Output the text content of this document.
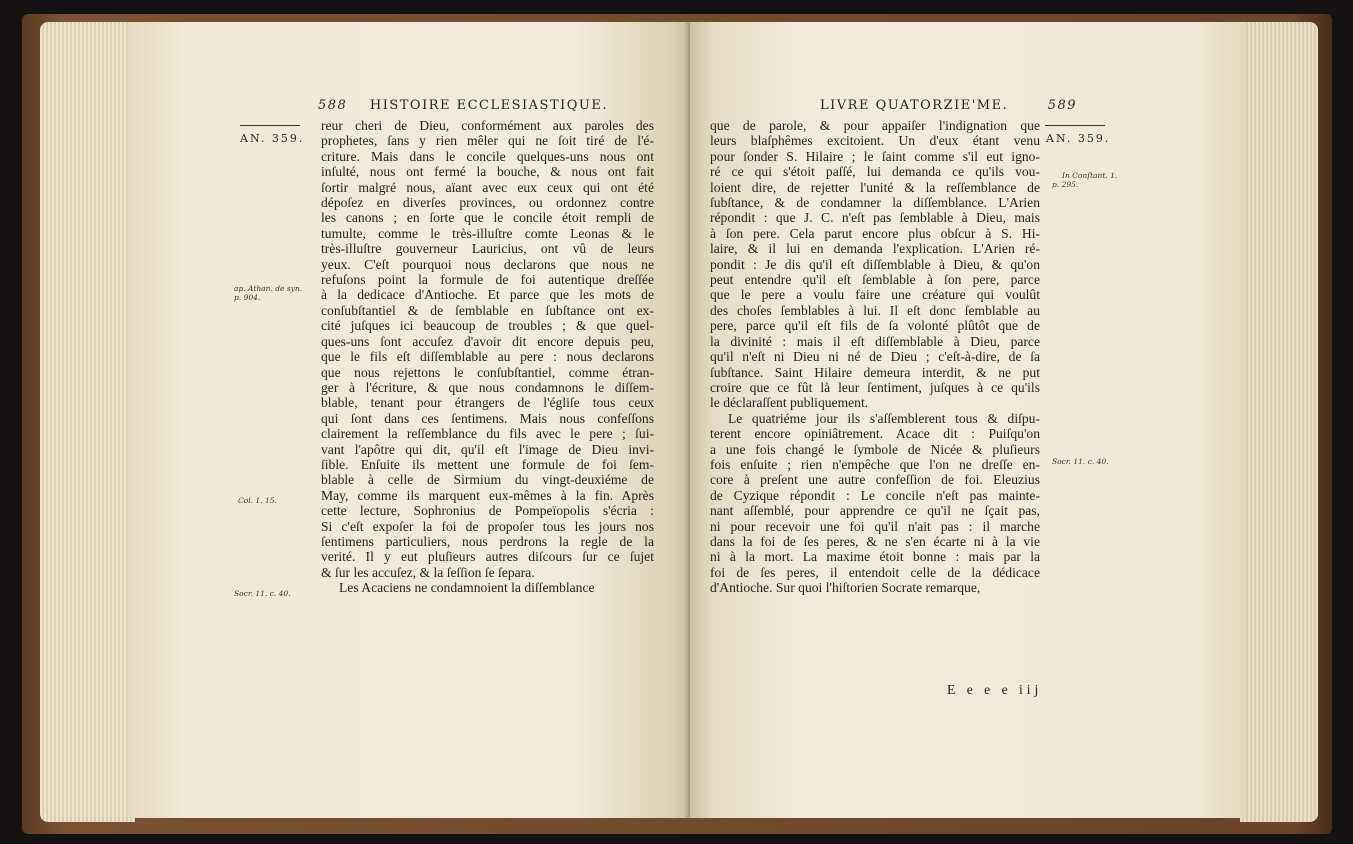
588 HISTOIRE ECCLESIASTIQUE.
AN. 359.
ap. Athan. de syn.
p. 904.
Col. 1. 15.
Socr. 11. c. 40.
reur cheri de Dieu, conformément aux paroles des
prophetes, ſans y rien mêler qui ne ſoit tiré de l'é-
criture. Mais dans le concile quelques-uns nous ont
inſulté, nous ont fermé la bouche, & nous ont fait
ſortir malgré nous, aïant avec eux ceux qui ont été
dépoſez en diverſes provinces, ou ordonnez contre
les canons ; en ſorte que le concile étoit rempli de
tumulte, comme le très-illuſtre comte Leonas & le
très-illuſtre gouverneur Lauricius, ont vû de leurs
yeux. C'eſt pourquoi nous declarons que nous ne
refuſons point la formule de foi autentique dreſſée
à la dedicace d'Antioche. Et parce que les mots de
conſubſtantiel & de ſemblable en ſubſtance ont ex-
cité juſques ici beaucoup de troubles ; & que quel-
ques-uns ſont accuſez d'avoir dit encore depuis peu,
que le fils eſt diſſemblable au pere : nous declarons
que nous rejettons le conſubſtantiel, comme étran-
ger à l'écriture, & que nous condamnons le diſſem-
blable, tenant pour étrangers de l'égliſe tous ceux
qui ſont dans ces ſentimens. Mais nous confeſſons
clairement la reſſemblance du fils avec le pere ; ſui-
vant l'apôtre qui dit, qu'il eſt l'image de Dieu invi-
ſible. Enſuite ils mettent une formule de foi ſem-
blable à celle de Sirmium du vingt-deuxiéme de
May, comme ils marquent eux-mêmes à la fin. Après
cette lecture, Sophronius de Pompeïopolis s'écria :
Si c'eſt expoſer la foi de propoſer tous les jours nos
ſentimens particuliers, nous perdrons la regle de la
verité. Il y eut pluſieurs autres diſcours ſur ce ſujet
& ſur les accuſez, & la ſeſſion ſe ſepara.
Les Acaciens ne condamnoient la diſſemblance
LIVRE QUATORZIE'ME.	589
AN. 359.
In Conſtant. 1.
p. 295.
Socr. 11. c. 40.
que de parole, & pour appaiſer l'indignation que
leurs blaſphêmes excitoient. Un d'eux étant venu
pour ſonder S. Hilaire ; le ſaint comme s'il eut igno-
ré ce qui s'étoit paſſé, lui demanda ce qu'ils vou-
loient dire, de rejetter l'unité & la reſſemblance de
ſubſtance, & de condamner la diſſemblance. L'Arien
répondit : que J. C. n'eſt pas ſemblable à Dieu, mais
à ſon pere. Cela parut encore plus obſcur à S. Hi-
laire, & il lui en demanda l'explication. L'Arien ré-
pondit : Je dis qu'il eſt diſſemblable à Dieu, & qu'on
peut entendre qu'il eſt ſemblable à ſon pere, parce
que le pere a voulu faire une créature qui voulût
des choſes ſemblables à lui. Il eſt donc ſemblable au
pere, parce qu'il eſt fils de ſa volonté plûtôt que de
la divinité : mais il eſt diſſemblable à Dieu, parce
qu'il n'eſt ni Dieu ni né de Dieu ; c'eſt-à-dire, de ſa
ſubſtance. Saint Hilaire demeura interdit, & ne put
croire que ce fût là leur ſentiment, juſques à ce qu'ils
le déclaraſſent publiquement.
Le quatriéme jour ils s'aſſemblerent tous & diſpu-
terent encore opiniâtrement. Acace dit : Puiſqu'on
a une fois changé le ſymbole de Nicée & pluſieurs
fois enſuite ; rien n'empêche que l'on ne dreſſe en-
core à preſent une autre confeſſion de foi. Eleuzius
de Cyzique répondit : Le concile n'eſt pas mainte-
nant aſſemblé, pour apprendre ce qu'il ne ſçait pas,
ni pour recevoir une foi qu'il n'ait pas : il marche
dans la foi de ſes peres, & ne s'en écarte ni à la vie
ni à la mort. La maxime étoit bonne : mais par la
foi de ſes peres, il entendoit celle de la dédicace
d'Antioche. Sur quoi l'hiſtorien Socrate remarque,
E e e e iij
